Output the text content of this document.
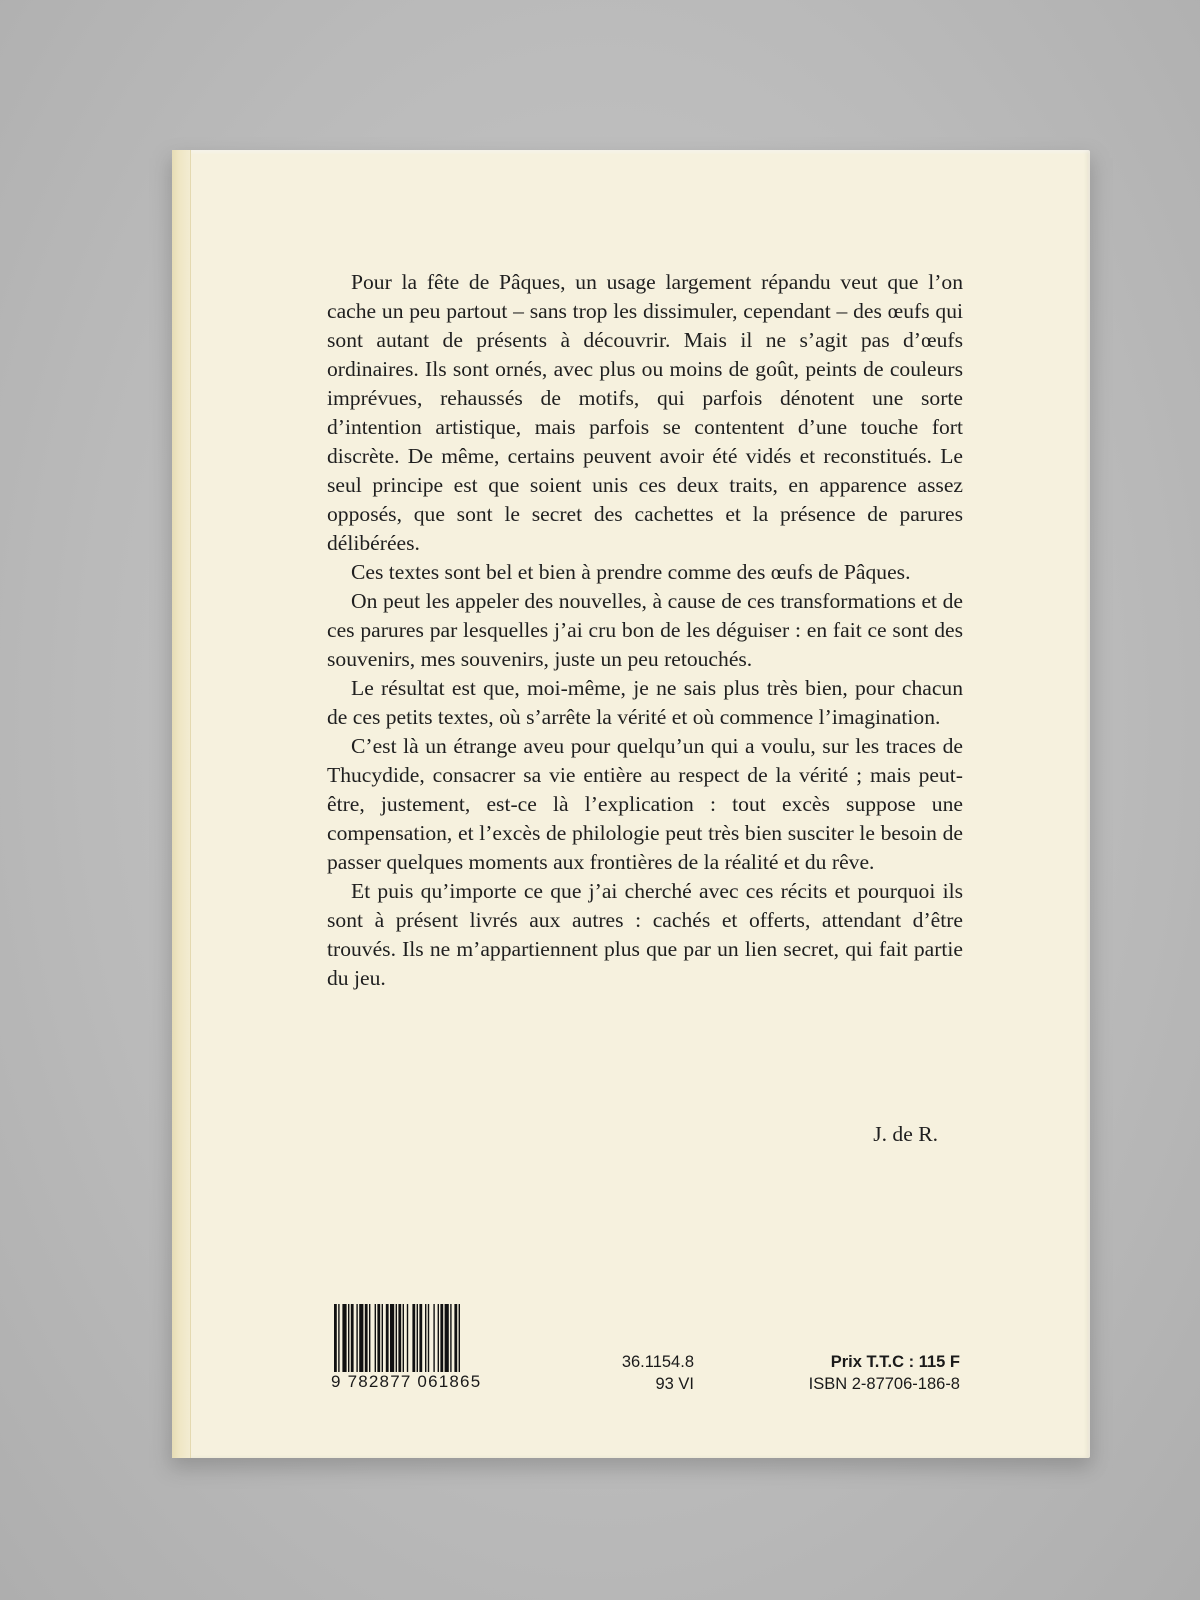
Pour la fête de Pâques, un usage largement répandu veut que l’on cache un peu partout – sans trop les dissimuler, cependant – des œufs qui sont autant de présents à découvrir. Mais il ne s’agit pas d’œufs ordinaires. Ils sont ornés, avec plus ou moins de goût, peints de couleurs imprévues, rehaussés de motifs, qui parfois dénotent une sorte d’intention artistique, mais parfois se contentent d’une touche fort discrète. De même, certains peuvent avoir été vidés et reconstitués. Le seul principe est que soient unis ces deux traits, en apparence assez opposés, que sont le secret des cachettes et la présence de parures délibérées.

Ces textes sont bel et bien à prendre comme des œufs de Pâques.

On peut les appeler des nouvelles, à cause de ces transformations et de ces parures par lesquelles j’ai cru bon de les déguiser : en fait ce sont des souvenirs, mes souvenirs, juste un peu retouchés.

Le résultat est que, moi-même, je ne sais plus très bien, pour chacun de ces petits textes, où s’arrête la vérité et où commence l’imagination.

C’est là un étrange aveu pour quelqu’un qui a voulu, sur les traces de Thucydide, consacrer sa vie entière au respect de la vérité ; mais peut-être, justement, est-ce là l’explication : tout excès suppose une compensation, et l’excès de philologie peut très bien susciter le besoin de passer quelques moments aux frontières de la réalité et du rêve.

Et puis qu’importe ce que j’ai cherché avec ces récits et pourquoi ils sont à présent livrés aux autres : cachés et offerts, attendant d’être trouvés. Ils ne m’appartiennent plus que par un lien secret, qui fait partie du jeu.

J. de R.
9 782877 061865
36.1154.8
93 VI
Prix T.T.C : 115 F
ISBN 2-87706-186-8
